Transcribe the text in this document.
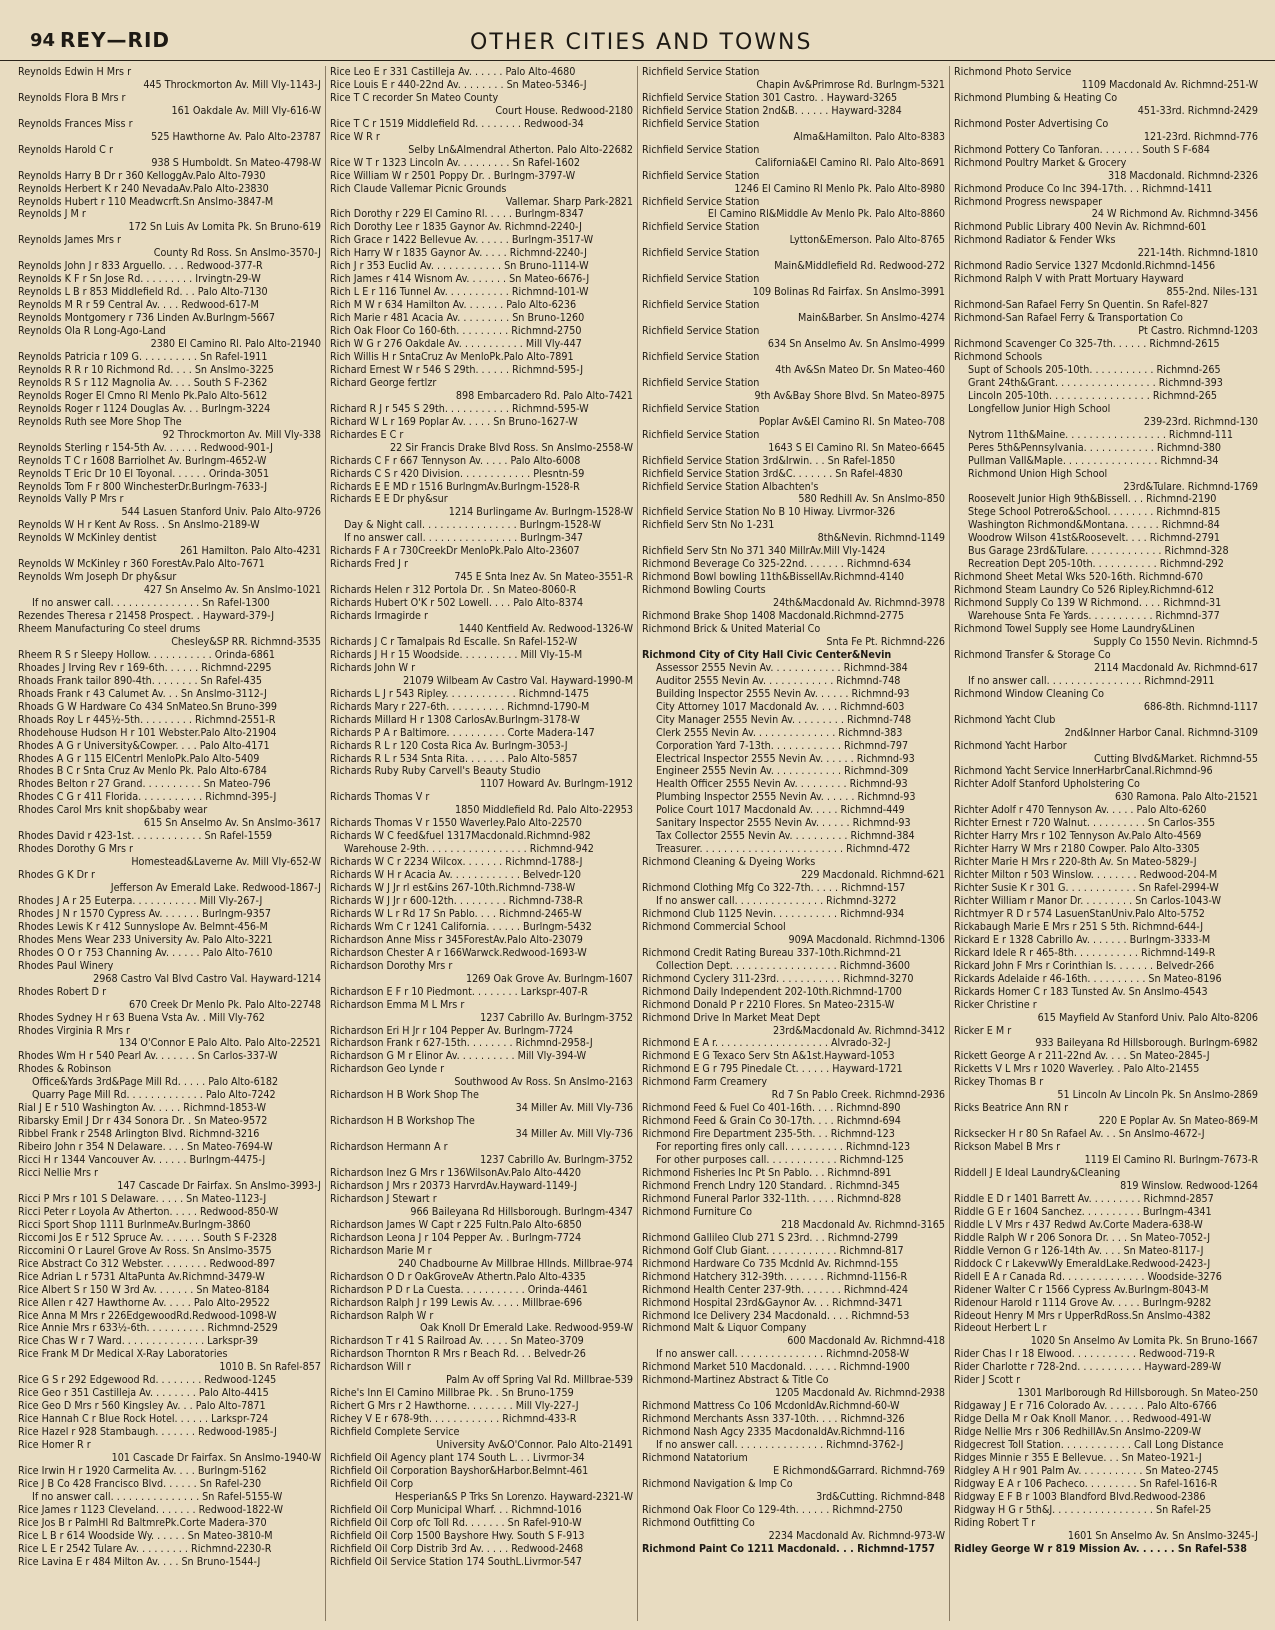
94 REY—RID	OTHER CITIES AND TOWNS
Reynolds Edwin H Mrs r
445 Throckmorton Av. Mill Vly-1143-J
Reynolds Flora B Mrs r
161 Oakdale Av. Mill Vly-616-W
Reynolds Frances Miss r
525 Hawthorne Av. Palo Alto-23787
Reynolds Harold C r
938 S Humboldt. Sn Mateo-4798-W
Reynolds Harry B Dr r 360 KelloggAv.Palo Alto-7930
Reynolds Herbert K r 240 NevadaAv.Palo Alto-23830
Reynolds Hubert r 110 Meadwcrft.Sn Anslmo-3847-M
Reynolds J M r
172 Sn Luis Av Lomita Pk. Sn Bruno-619
Reynolds James Mrs r
County Rd Ross. Sn Anslmo-3570-J
Reynolds John J r 833 Arguello. . . . Redwood-377-R
Reynolds K F r Sn Jose Rd. . . . . . . . . Irvingtn-29-W
Reynolds L B r 853 Middlefield Rd. . . Palo Alto-7130
Reynolds M R r 59 Central Av. . . . Redwood-617-M
Reynolds Montgomery r 736 Linden Av.Burlngm-5667
Reynolds Ola R Long-Ago-Land
2380 El Camino Rl. Palo Alto-21940
Reynolds Patricia r 109 G. . . . . . . . . . Sn Rafel-1911
Reynolds R R r 10 Richmond Rd. . . . Sn Anslmo-3225
Reynolds R S r 112 Magnolia Av. . . . South S F-2362
Reynolds Roger El Cmno Rl Menlo Pk.Palo Alto-5612
Reynolds Roger r 1124 Douglas Av. . . Burlngm-3224
Reynolds Ruth see More Shop The
92 Throckmorton Av. Mill Vly-338
Reynolds Sterling r 154-5th Av. . . . . . Redwood-901-J
Reynolds T C r 1608 Barriolhet Av. Burlngm-4652-W
Reynolds T Eric Dr 10 El Toyonal. . . . . . Orinda-3051
Reynolds Tom F r 800 WinchesterDr.Burlngm-7633-J
Reynolds Vally P Mrs r
544 Lasuen Stanford Univ. Palo Alto-9726
Reynolds W H r Kent Av Ross. . Sn Anslmo-2189-W
Reynolds W McKinley dentist
261 Hamilton. Palo Alto-4231
Reynolds W McKinley r 360 ForestAv.Palo Alto-7671
Reynolds Wm Joseph Dr phy&sur
427 Sn Anselmo Av. Sn Anslmo-1021
If no answer call. . . . . . . . . . . . . . . Sn Rafel-1300
Rezendes Theresa r 21458 Prospect. . Hayward-379-J
Rheem Manufacturing Co steel drums
Chesley&SP RR. Richmnd-3535
Rheem R S r Sleepy Hollow. . . . . . . . . . . Orinda-6861
Rhoades J Irving Rev r 169-6th. . . . . . Richmnd-2295
Rhoads Frank tailor 890-4th. . . . . . . . Sn Rafel-435
Rhoads Frank r 43 Calumet Av. . . Sn Anslmo-3112-J
Rhoads G W Hardware Co 434 SnMateo.Sn Bruno-399
Rhoads Roy L r 445½-5th. . . . . . . . . Richmnd-2551-R
Rhodehouse Hudson H r 101 Webster.Palo Alto-21904
Rhodes A G r University&Cowper. . . . Palo Alto-4171
Rhodes A G r 115 ElCentrl MenloPk.Palo Alto-5409
Rhodes B C r Snta Cruz Av Menlo Pk. Palo Alto-6784
Rhodes Belton r 27 Grand. . . . . . . . . . Sn Mateo-796
Rhodes C G r 411 Florida. . . . . . . . . . . Richmnd-395-J
Rhodes Carol Mrs knit shop&baby wear
615 Sn Anselmo Av. Sn Anslmo-3617
Rhodes David r 423-1st. . . . . . . . . . . . Sn Rafel-1559
Rhodes Dorothy G Mrs r
Homestead&Laverne Av. Mill Vly-652-W
Rhodes G K Dr r
Jefferson Av Emerald Lake. Redwood-1867-J
Rhodes J A r 25 Euterpa. . . . . . . . . . . Mill Vly-267-J
Rhodes J N r 1570 Cypress Av. . . . . . . Burlngm-9357
Rhodes Lewis K r 412 Sunnyslope Av. Belmnt-456-M
Rhodes Mens Wear 233 University Av. Palo Alto-3221
Rhodes O O r 753 Channing Av. . . . . . Palo Alto-7610
Rhodes Paul Winery
2968 Castro Val Blvd Castro Val. Hayward-1214
Rhodes Robert D r
670 Creek Dr Menlo Pk. Palo Alto-22748
Rhodes Sydney H r 63 Buena Vsta Av. . Mill Vly-762
Rhodes Virginia R Mrs r
134 O'Connor E Palo Alto. Palo Alto-22521
Rhodes Wm H r 540 Pearl Av. . . . . . . Sn Carlos-337-W
Rhodes & Robinson
Office&Yards 3rd&Page Mill Rd. . . . . Palo Alto-6182
Quarry Page Mill Rd. . . . . . . . . . . . . Palo Alto-7242
Rial J E r 510 Washington Av. . . . . Richmnd-1853-W
Ribarsky Emil J Dr r 434 Sonora Dr. . Sn Mateo-9572
Ribbel Frank r 2548 Arlington Blvd. Richmnd-3216
Ribeiro John r 354 N Delaware. . . . Sn Mateo-7694-W
Ricci H r 1344 Vancouver Av. . . . . . Burlngm-4475-J
Ricci Nellie Mrs r
147 Cascade Dr Fairfax. Sn Anslmo-3993-J
Ricci P Mrs r 101 S Delaware. . . . . Sn Mateo-1123-J
Ricci Peter r Loyola Av Atherton. . . . . Redwood-850-W
Ricci Sport Shop 1111 BurlnmeAv.Burlngm-3860
Riccomi Jos E r 512 Spruce Av. . . . . . . South S F-2328
Riccomini O r Laurel Grove Av Ross. Sn Anslmo-3575
Rice Abstract Co 312 Webster. . . . . . . . Redwood-897
Rice Adrian L r 5731 AltaPunta Av.Richmnd-3479-W
Rice Albert S r 150 W 3rd Av. . . . . . . Sn Mateo-8184
Rice Allen r 427 Hawthorne Av. . . . . Palo Alto-29522
Rice Anna M Mrs r 226EdgewoodRd.Redwood-1098-W
Rice Annie Mrs r 633½-6th. . . . . . . . . . Richmnd-2529
Rice Chas W r 7 Ward. . . . . . . . . . . . . . Larkspr-39
Rice Frank M Dr Medical X-Ray Laboratories
1010 B. Sn Rafel-857
Rice G S r 292 Edgewood Rd. . . . . . . . Redwood-1245
Rice Geo r 351 Castilleja Av. . . . . . . . Palo Alto-4415
Rice Geo D Mrs r 560 Kingsley Av. . . Palo Alto-7871
Rice Hannah C r Blue Rock Hotel. . . . . . Larkspr-724
Rice Hazel r 928 Stambaugh. . . . . . . Redwood-1985-J
Rice Homer R r
101 Cascade Dr Fairfax. Sn Anslmo-1940-W
Rice Irwin H r 1920 Carmelita Av. . . . Burlngm-5162
Rice J B Co 428 Francisco Blvd. . . . . . Sn Rafel-230
If no answer call. . . . . . . . . . . . . . . Sn Rafel-5155-W
Rice James r 1123 Cleveland. . . . . . . Redwood-1822-W
Rice Jos B r PalmHl Rd BaltmrePk.Corte Madera-370
Rice L B r 614 Woodside Wy. . . . . . Sn Mateo-3810-M
Rice L E r 2542 Tulare Av. . . . . . . . . Richmnd-2230-R
Rice Lavina E r 484 Milton Av. . . . Sn Bruno-1544-J
Rice Leo E r 331 Castilleja Av. . . . . . Palo Alto-4680
Rice Louis E r 440-22nd Av. . . . . . . . Sn Mateo-5346-J
Rice T C recorder Sn Mateo County
Court House. Redwood-2180
Rice T C r 1519 Middlefield Rd. . . . . . . . Redwood-34
Rice W R r
Selby Ln&Almendral Atherton. Palo Alto-22682
Rice W T r 1323 Lincoln Av. . . . . . . . . Sn Rafel-1602
Rice William W r 2501 Poppy Dr. . Burlngm-3797-W
Rich Claude Vallemar Picnic Grounds
Vallemar. Sharp Park-2821
Rich Dorothy r 229 El Camino Rl. . . . . Burlngm-8347
Rich Dorothy Lee r 1835 Gaynor Av. Richmnd-2240-J
Rich Grace r 1422 Bellevue Av. . . . . . Burlngm-3517-W
Rich Harry W r 1835 Gaynor Av. . . . . Richmnd-2240-J
Rich J r 353 Euclid Av. . . . . . . . . . . . Sn Bruno-1114-W
Rich James r 414 Wisnom Av. . . . . . . Sn Mateo-6676-J
Rich L E r 116 Tunnel Av. . . . . . . . . . . Richmnd-101-W
Rich M W r 634 Hamilton Av. . . . . . . Palo Alto-6236
Rich Marie r 481 Acacia Av. . . . . . . . . Sn Bruno-1260
Rich Oak Floor Co 160-6th. . . . . . . . . Richmnd-2750
Rich W G r 276 Oakdale Av. . . . . . . . . . . Mill Vly-447
Rich Willis H r SntaCruz Av MenloPk.Palo Alto-7891
Richard Ernest W r 546 S 29th. . . . . . Richmnd-595-J
Richard George fertlzr
898 Embarcadero Rd. Palo Alto-7421
Richard R J r 545 S 29th. . . . . . . . . . . Richmnd-595-W
Richard W L r 169 Poplar Av. . . . . Sn Bruno-1627-W
Richardes E C r
22 Sir Francis Drake Blvd Ross. Sn Anslmo-2558-W
Richards C F r 667 Tennyson Av. . . . . Palo Alto-6008
Richards C S r 420 Division. . . . . . . . . . . . Plesntn-59
Richards E E MD r 1516 BurlngmAv.Burlngm-1528-R
Richards E E Dr phy&sur
1214 Burlingame Av. Burlngm-1528-W
Day & Night call. . . . . . . . . . . . . . . . Burlngm-1528-W
If no answer call. . . . . . . . . . . . . . . . Burlngm-347
Richards F A r 730CreekDr MenloPk.Palo Alto-23607
Richards Fred J r
745 E Snta Inez Av. Sn Mateo-3551-R
Richards Helen r 312 Portola Dr. . Sn Mateo-8060-R
Richards Hubert O'K r 502 Lowell. . . . Palo Alto-8374
Richards Irmagirde r
1440 Kentfield Av. Redwood-1326-W
Richards J C r Tamalpais Rd Escalle. Sn Rafel-152-W
Richards J H r 15 Woodside. . . . . . . . . . Mill Vly-15-M
Richards John W r
21079 Wilbeam Av Castro Val. Hayward-1990-M
Richards L J r 543 Ripley. . . . . . . . . . . . Richmnd-1475
Richards Mary r 227-6th. . . . . . . . . . Richmnd-1790-M
Richards Millard H r 1308 CarlosAv.Burlngm-3178-W
Richards P A r Baltimore. . . . . . . . . . Corte Madera-147
Richards R L r 120 Costa Rica Av. Burlngm-3053-J
Richards R L r 534 Snta Rita. . . . . . . Palo Alto-5857
Richards Ruby Ruby Carvell's Beauty Studio
1107 Howard Av. Burlngm-1912
Richards Thomas V r
1850 Middlefield Rd. Palo Alto-22953
Richards Thomas V r 1550 Waverley.Palo Alto-22570
Richards W C feed&fuel 1317Macdonald.Richmnd-982
Warehouse 2-9th. . . . . . . . . . . . . . . . . Richmnd-942
Richards W C r 2234 Wilcox. . . . . . . Richmnd-1788-J
Richards W H r Acacia Av. . . . . . . . . . . . Belvedr-120
Richards W J Jr rl est&ins 267-10th.Richmnd-738-W
Richards W J Jr r 600-12th. . . . . . . . . Richmnd-738-R
Richards W L r Rd 17 Sn Pablo. . . . Richmnd-2465-W
Richards Wm C r 1241 California. . . . . . Burlngm-5432
Richardson Anne Miss r 345ForestAv.Palo Alto-23079
Richardson Chester A r 166Warwck.Redwood-1693-W
Richardson Dorothy Mrs r
1269 Oak Grove Av. Burlngm-1607
Richardson E F r 10 Piedmont. . . . . . . . Larkspr-407-R
Richardson Emma M L Mrs r
1237 Cabrillo Av. Burlngm-3752
Richardson Eri H Jr r 104 Pepper Av. Burlngm-7724
Richardson Frank r 627-15th. . . . . . . . Richmnd-2958-J
Richardson G M r Elinor Av. . . . . . . . . . Mill Vly-394-W
Richardson Geo Lynde r
Southwood Av Ross. Sn Anslmo-2163
Richardson H B Work Shop The
34 Miller Av. Mill Vly-736
Richardson H B Workshop The
34 Miller Av. Mill Vly-736
Richardson Hermann A r
1237 Cabrillo Av. Burlngm-3752
Richardson Inez G Mrs r 136WilsonAv.Palo Alto-4420
Richardson J Mrs r 20373 HarvrdAv.Hayward-1149-J
Richardson J Stewart r
966 Baileyana Rd Hillsborough. Burlngm-4347
Richardson James W Capt r 225 Fultn.Palo Alto-6850
Richardson Leona J r 104 Pepper Av. . Burlngm-7724
Richardson Marie M r
240 Chadbourne Av Millbrae Hllnds. Millbrae-974
Richardson O D r OakGroveAv Athertn.Palo Alto-4335
Richardson P D r La Cuesta. . . . . . . . . . . Orinda-4461
Richardson Ralph J r 199 Lewis Av. . . . . Millbrae-696
Richardson Ralph W r
Oak Knoll Dr Emerald Lake. Redwood-959-W
Richardson T r 41 S Railroad Av. . . . . Sn Mateo-3709
Richardson Thornton R Mrs r Beach Rd. . . Belvedr-26
Richardson Will r
Palm Av off Spring Val Rd. Millbrae-539
Riche's Inn El Camino Millbrae Pk. . Sn Bruno-1759
Richert G Mrs r 2 Hawthorne. . . . . . . . Mill Vly-227-J
Richey V E r 678-9th. . . . . . . . . . . . Richmnd-433-R
Richfield Complete Service
University Av&O'Connor. Palo Alto-21491
Richfield Oil Agency plant 174 South L. . . Livrmor-34
Richfield Oil Corporation Bayshor&Harbor.Belmnt-461
Richfield Oil Corp
Hesperian&S P Trks Sn Lorenzo. Hayward-2321-W
Richfield Oil Corp Municipal Wharf. . . Richmnd-1016
Richfield Oil Corp ofc Toll Rd. . . . . . . Sn Rafel-910-W
Richfield Oil Corp 1500 Bayshore Hwy. South S F-913
Richfield Oil Corp Distrib 3rd Av. . . . . Redwood-2468
Richfield Oil Service Station 174 SouthL.Livrmor-547
Richfield Service Station
Chapin Av&Primrose Rd. Burlngm-5321
Richfield Service Station 301 Castro. . Hayward-3265
Richfield Service Station 2nd&B. . . . . . Hayward-3284
Richfield Service Station
Alma&Hamilton. Palo Alto-8383
Richfield Service Station
California&El Camino Rl. Palo Alto-8691
Richfield Service Station
1246 El Camino Rl Menlo Pk. Palo Alto-8980
Richfield Service Station
El Camino Rl&Middle Av Menlo Pk. Palo Alto-8860
Richfield Service Station
Lytton&Emerson. Palo Alto-8765
Richfield Service Station
Main&Middlefield Rd. Redwood-272
Richfield Service Station
109 Bolinas Rd Fairfax. Sn Anslmo-3991
Richfield Service Station
Main&Barber. Sn Anslmo-4274
Richfield Service Station
634 Sn Anselmo Av. Sn Anslmo-4999
Richfield Service Station
4th Av&Sn Mateo Dr. Sn Mateo-460
Richfield Service Station
9th Av&Bay Shore Blvd. Sn Mateo-8975
Richfield Service Station
Poplar Av&El Camino Rl. Sn Mateo-708
Richfield Service Station
1643 S El Camino Rl. Sn Mateo-6645
Richfield Service Station 3rd&Irwin. . . Sn Rafel-1850
Richfield Service Station 3rd&C. . . . . . . Sn Rafel-4830
Richfield Service Station Albachten's
580 Redhill Av. Sn Anslmo-850
Richfield Service Station No B 10 Hiway. Livrmor-326
Richfield Serv Stn No 1-231
8th&Nevin. Richmnd-1149
Richfield Serv Stn No 371 340 MillrAv.Mill Vly-1424
Richmond Beverage Co 325-22nd. . . . . . . Richmnd-634
Richmond Bowl bowling 11th&BissellAv.Richmnd-4140
Richmond Bowling Courts
24th&Macdonald Av. Richmnd-3978
Richmond Brake Shop 1408 Macdonald.Richmnd-2775
Richmond Brick & United Material Co
Snta Fe Pt. Richmnd-226
Richmond City of City Hall Civic Center&Nevin
Assessor 2555 Nevin Av. . . . . . . . . . . . Richmnd-384
Auditor 2555 Nevin Av. . . . . . . . . . . . Richmnd-748
Building Inspector 2555 Nevin Av. . . . . . Richmnd-93
City Attorney 1017 Macdonald Av. . . . Richmnd-603
City Manager 2555 Nevin Av. . . . . . . . . Richmnd-748
Clerk 2555 Nevin Av. . . . . . . . . . . . . . Richmnd-383
Corporation Yard 7-13th. . . . . . . . . . . . Richmnd-797
Electrical Inspector 2555 Nevin Av. . . . . . Richmnd-93
Engineer 2555 Nevin Av. . . . . . . . . . . . Richmnd-309
Health Officer 2555 Nevin Av. . . . . . . . . Richmnd-93
Plumbing Inspector 2555 Nevin Av. . . . . . Richmnd-93
Police Court 1017 Macdonald Av. . . . . Richmnd-449
Sanitary Inspector 2555 Nevin Av. . . . . . Richmnd-93
Tax Collector 2555 Nevin Av. . . . . . . . . . Richmnd-384
Treasurer. . . . . . . . . . . . . . . . . . . . . . . . Richmnd-472
Richmond Cleaning & Dyeing Works
229 Macdonald. Richmnd-621
Richmond Clothing Mfg Co 322-7th. . . . . Richmnd-157
If no answer call. . . . . . . . . . . . . . . Richmnd-3272
Richmond Club 1125 Nevin. . . . . . . . . . . Richmnd-934
Richmond Commercial School
909A Macdonald. Richmnd-1306
Richmond Credit Rating Bureau 337-10th.Richmnd-21
Collection Dept. . . . . . . . . . . . . . . . . . Richmnd-3600
Richmond Cyclery 311-23rd. . . . . . . . . . . Richmnd-3270
Richmond Daily Independent 202-10th.Richmnd-1700
Richmond Donald P r 2210 Flores. Sn Mateo-2315-W
Richmond Drive In Market Meat Dept
23rd&Macdonald Av. Richmnd-3412
Richmond E A r. . . . . . . . . . . . . . . . . . . Alvrado-32-J
Richmond E G Texaco Serv Stn A&1st.Hayward-1053
Richmond E G r 795 Pinedale Ct. . . . . . Hayward-1721
Richmond Farm Creamery
Rd 7 Sn Pablo Creek. Richmnd-2936
Richmond Feed & Fuel Co 401-16th. . . . Richmnd-890
Richmond Feed & Grain Co 30-17th. . . . Richmnd-694
Richmond Fire Department 235-5th. . . Richmnd-123
For reporting fires only call. . . . . . . . . . Richmnd-123
For other purposes call. . . . . . . . . . . . Richmnd-125
Richmond Fisheries Inc Pt Sn Pablo. . . Richmnd-891
Richmond French Lndry 120 Standard. . Richmnd-345
Richmond Funeral Parlor 332-11th. . . . . Richmnd-828
Richmond Furniture Co
218 Macdonald Av. Richmnd-3165
Richmond Gallileo Club 271 S 23rd. . . Richmnd-2799
Richmond Golf Club Giant. . . . . . . . . . . . Richmnd-817
Richmond Hardware Co 735 Mcdnld Av. Richmnd-155
Richmond Hatchery 312-39th. . . . . . . Richmnd-1156-R
Richmond Health Center 237-9th. . . . . . . Richmnd-424
Richmond Hospital 23rd&Gaynor Av. . . Richmnd-3471
Richmond Ice Delivery 234 Macdonald. . . . Richmnd-53
Richmond Malt & Liquor Company
600 Macdonald Av. Richmnd-418
If no answer call. . . . . . . . . . . . . . . Richmnd-2058-W
Richmond Market 510 Macdonald. . . . . . Richmnd-1900
Richmond-Martinez Abstract & Title Co
1205 Macdonald Av. Richmnd-2938
Richmond Mattress Co 106 McdonldAv.Richmnd-60-W
Richmond Merchants Assn 337-10th. . . . Richmnd-326
Richmond Nash Agcy 2335 MacdonaldAv.Richmnd-116
If no answer call. . . . . . . . . . . . . . . Richmnd-3762-J
Richmond Natatorium
E Richmond&Garrard. Richmnd-769
Richmond Navigation & Imp Co
3rd&Cutting. Richmnd-848
Richmond Oak Floor Co 129-4th. . . . . . Richmnd-2750
Richmond Outfitting Co
2234 Macdonald Av. Richmnd-973-W
Richmond Paint Co 1211 Macdonald. . . Richmnd-1757
Richmond Photo Service
1109 Macdonald Av. Richmnd-251-W
Richmond Plumbing & Heating Co
451-33rd. Richmnd-2429
Richmond Poster Advertising Co
121-23rd. Richmnd-776
Richmond Pottery Co Tanforan. . . . . . . South S F-684
Richmond Poultry Market & Grocery
318 Macdonald. Richmnd-2326
Richmond Produce Co Inc 394-17th. . . Richmnd-1411
Richmond Progress newspaper
24 W Richmond Av. Richmnd-3456
Richmond Public Library 400 Nevin Av. Richmnd-601
Richmond Radiator & Fender Wks
221-14th. Richmnd-1810
Richmond Radio Service 1327 Mcdonld.Richmnd-1456
Richmond Ralph V with Pratt Mortuary Hayward
855-2nd. Niles-131
Richmond-San Rafael Ferry Sn Quentin. Sn Rafel-827
Richmond-San Rafael Ferry & Transportation Co
Pt Castro. Richmnd-1203
Richmond Scavenger Co 325-7th. . . . . . Richmnd-2615
Richmond Schools
Supt of Schools 205-10th. . . . . . . . . . . Richmnd-265
Grant 24th&Grant. . . . . . . . . . . . . . . . . Richmnd-393
Lincoln 205-10th. . . . . . . . . . . . . . . . . Richmnd-265
Longfellow Junior High School
239-23rd. Richmnd-130
Nytrom 11th&Maine. . . . . . . . . . . . . . . . . Richmnd-111
Peres 5th&Pennsylvania. . . . . . . . . . . . Richmnd-380
Pullman Vall&Maple. . . . . . . . . . . . . . . . Richmnd-34
Richmond Union High School
23rd&Tulare. Richmnd-1769
Roosevelt Junior High 9th&Bissell. . . Richmnd-2190
Stege School Potrero&School. . . . . . . . Richmnd-815
Washington Richmond&Montana. . . . . . Richmnd-84
Woodrow Wilson 41st&Roosevelt. . . . Richmnd-2791
Bus Garage 23rd&Tulare. . . . . . . . . . . . . Richmnd-328
Recreation Dept 205-10th. . . . . . . . . . . Richmnd-292
Richmond Sheet Metal Wks 520-16th. Richmnd-670
Richmond Steam Laundry Co 526 Ripley.Richmnd-612
Richmond Supply Co 139 W Richmond. . . . Richmnd-31
Warehouse Snta Fe Yards. . . . . . . . . . . Richmnd-377
Richmond Towel Supply see Home Laundry&Linen
Supply Co 1550 Nevin. Richmnd-5
Richmond Transfer & Storage Co
2114 Macdonald Av. Richmnd-617
If no answer call. . . . . . . . . . . . . . . . Richmnd-2911
Richmond Window Cleaning Co
686-8th. Richmnd-1117
Richmond Yacht Club
2nd&Inner Harbor Canal. Richmnd-3109
Richmond Yacht Harbor
Cutting Blvd&Market. Richmnd-55
Richmond Yacht Service InnerHarbrCanal.Richmnd-96
Richter Adolf Stanford Upholstering Co
630 Ramona. Palo Alto-21521
Richter Adolf r 470 Tennyson Av. . . . . Palo Alto-6260
Richter Ernest r 720 Walnut. . . . . . . . . . Sn Carlos-355
Richter Harry Mrs r 102 Tennyson Av.Palo Alto-4569
Richter Harry W Mrs r 2180 Cowper. Palo Alto-3305
Richter Marie H Mrs r 220-8th Av. Sn Mateo-5829-J
Richter Milton r 503 Winslow. . . . . . . . Redwood-204-M
Richter Susie K r 301 G. . . . . . . . . . . . Sn Rafel-2994-W
Richter William r Manor Dr. . . . . . . . . Sn Carlos-1043-W
Richtmyer R D r 574 LasuenStanUniv.Palo Alto-5752
Rickabaugh Marie E Mrs r 251 S 5th. Richmnd-644-J
Rickard E r 1328 Cabrillo Av. . . . . . . Burlngm-3333-M
Rickard Idele R r 465-8th. . . . . . . . . . . Richmnd-149-R
Rickard John F Mrs r Corinthian Is. . . . . . . Belvedr-266
Rickards Adelaide r 46-16th. . . . . . . . . . Sn Mateo-8196
Rickards Homer C r 183 Tunsted Av. Sn Anslmo-4543
Ricker Christine r
615 Mayfield Av Stanford Univ. Palo Alto-8206
Ricker E M r
933 Baileyana Rd Hillsborough. Burlngm-6982
Rickett George A r 211-22nd Av. . . . Sn Mateo-2845-J
Ricketts V L Mrs r 1020 Waverley. . Palo Alto-21455
Rickey Thomas B r
51 Lincoln Av Lincoln Pk. Sn Anslmo-2869
Ricks Beatrice Ann RN r
220 E Poplar Av. Sn Mateo-869-M
Ricksecker H r 80 Sn Rafael Av. . . Sn Anslmo-4672-J
Rickson Mabel B Mrs r
1119 El Camino Rl. Burlngm-7673-R
Riddell J E Ideal Laundry&Cleaning
819 Winslow. Redwood-1264
Riddle E D r 1401 Barrett Av. . . . . . . . . Richmnd-2857
Riddle G E r 1604 Sanchez. . . . . . . . . . Burlngm-4341
Riddle L V Mrs r 437 Redwd Av.Corte Madera-638-W
Riddle Ralph W r 206 Sonora Dr. . . . Sn Mateo-7052-J
Riddle Vernon G r 126-14th Av. . . . Sn Mateo-8117-J
Riddock C r LakevwWy EmeraldLake.Redwood-2423-J
Ridell E A r Canada Rd. . . . . . . . . . . . . . Woodside-3276
Ridener Walter C r 1566 Cypress Av.Burlngm-8043-M
Ridenour Harold r 1114 Grove Av. . . . . Burlngm-9282
Rideout Henry M Mrs r UpperRdRoss.Sn Anslmo-4382
Rideout Herbert L r
1020 Sn Anselmo Av Lomita Pk. Sn Bruno-1667
Rider Chas I r 18 Elwood. . . . . . . . . . . Redwood-719-R
Rider Charlotte r 728-2nd. . . . . . . . . . . Hayward-289-W
Rider J Scott r
1301 Marlborough Rd Hillsborough. Sn Mateo-250
Ridgaway J E r 716 Colorado Av. . . . . . . Palo Alto-6766
Ridge Della M r Oak Knoll Manor. . . . Redwood-491-W
Ridge Nellie Mrs r 306 RedhillAv.Sn Anslmo-2209-W
Ridgecrest Toll Station. . . . . . . . . . . . Call Long Distance
Ridges Minnie r 355 E Bellevue. . . Sn Mateo-1921-J
Ridgley A H r 901 Palm Av. . . . . . . . . . . Sn Mateo-2745
Ridgway E A r 106 Pacheco. . . . . . . . . Sn Rafel-1616-R
Ridgway E F B r 1003 Blandford Blvd.Redwood-2386
Ridgway H G r 5th&J. . . . . . . . . . . . . . . . . Sn Rafel-25
Riding Robert T r
1601 Sn Anselmo Av. Sn Anslmo-3245-J
Ridley George W r 819 Mission Av. . . . . . Sn Rafel-538
